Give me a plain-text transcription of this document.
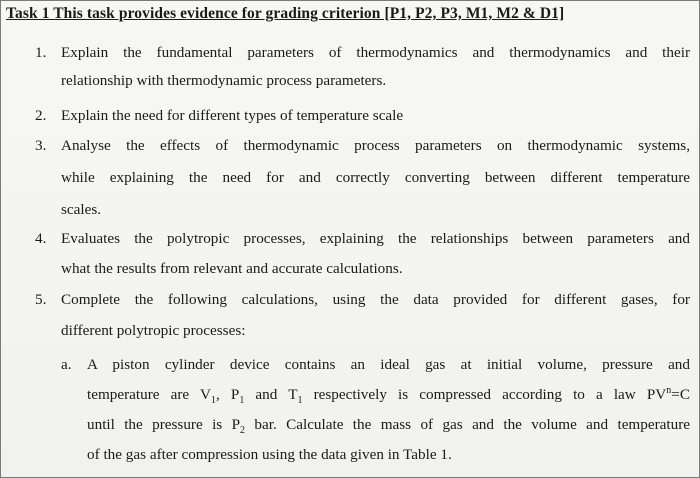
Task 1 This task provides evidence for grading criterion [P1, P2, P3, M1, M2 & D1]
1. Explain the fundamental parameters of thermodynamics and thermodynamics and their
relationship with thermodynamic process parameters.
2. Explain the need for different types of temperature scale
3. Analyse the effects of thermodynamic process parameters on thermodynamic systems,
while explaining the need for and correctly converting between different temperature
scales.
4. Evaluates the polytropic processes, explaining the relationships between parameters and
what the results from relevant and accurate calculations.
5. Complete the following calculations, using the data provided for different gases, for
different polytropic processes:
a. A piston cylinder device contains an ideal gas at initial volume, pressure and
temperature are $V_1$, $P_1$ and $T_1$ respectively is compressed according to a law $PV^n=C$
until the pressure is $P_2$ bar. Calculate the mass of gas and the volume and temperature
of the gas after compression using the data given in Table 1.
